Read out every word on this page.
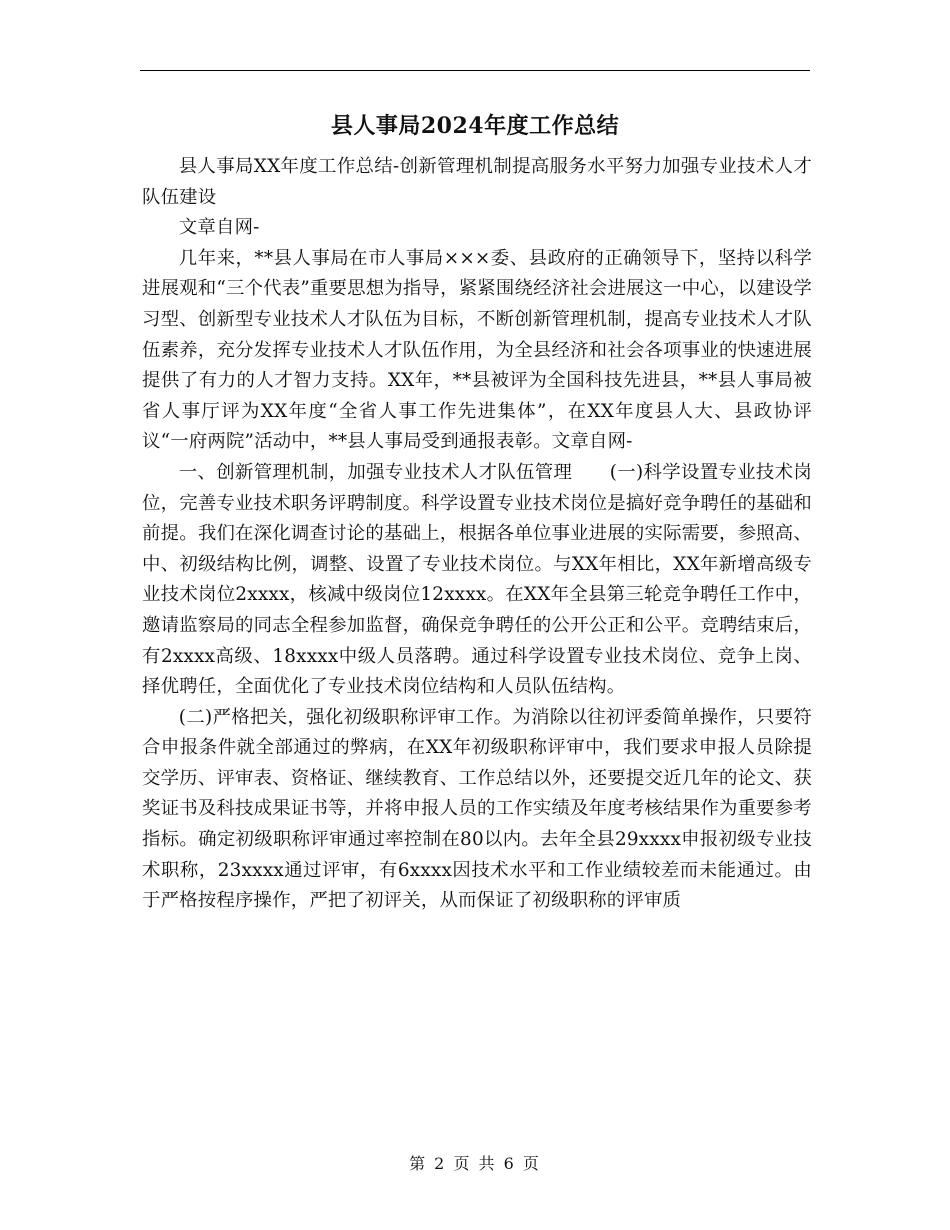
县人事局2024年度工作总结

县人事局XX年度工作总结-创新管理机制提高服务水平努力加强专业技术人才队伍建设

文章自网-

几年来，**县人事局在市人事局×××委、县政府的正确领导下，坚持以科学进展观和“三个代表”重要思想为指导，紧紧围绕经济社会进展这一中心，以建设学习型、创新型专业技术人才队伍为目标，不断创新管理机制，提高专业技术人才队伍素养，充分发挥专业技术人才队伍作用，为全县经济和社会各项事业的快速进展提供了有力的人才智力支持。XX年，**县被评为全国科技先进县，**县人事局被省人事厅评为XX年度“全省人事工作先进集体”，在XX年度县人大、县政协评议“一府两院”活动中，**县人事局受到通报表彰。文章自网-

一、创新管理机制，加强专业技术人才队伍管理　　(一)科学设置专业技术岗位，完善专业技术职务评聘制度。科学设置专业技术岗位是搞好竞争聘任的基础和前提。我们在深化调查讨论的基础上，根据各单位事业进展的实际需要，参照高、中、初级结构比例，调整、设置了专业技术岗位。与XX年相比，XX年新增高级专业技术岗位2xxxx，核减中级岗位12xxxx。在XX年全县第三轮竞争聘任工作中，邀请监察局的同志全程参加监督，确保竞争聘任的公开公正和公平。竞聘结束后，有2xxxx高级、18xxxx中级人员落聘。通过科学设置专业技术岗位、竞争上岗、择优聘任，全面优化了专业技术岗位结构和人员队伍结构。

(二)严格把关，强化初级职称评审工作。为消除以往初评委简单操作，只要符合申报条件就全部通过的弊病，在XX年初级职称评审中，我们要求申报人员除提交学历、评审表、资格证、继续教育、工作总结以外，还要提交近几年的论文、获奖证书及科技成果证书等，并将申报人员的工作实绩及年度考核结果作为重要参考指标。确定初级职称评审通过率控制在80以内。去年全县29xxxx申报初级专业技术职称，23xxxx通过评审，有6xxxx因技术水平和工作业绩较差而未能通过。由于严格按程序操作，严把了初评关，从而保证了初级职称的评审质

第 2 页 共 6 页
